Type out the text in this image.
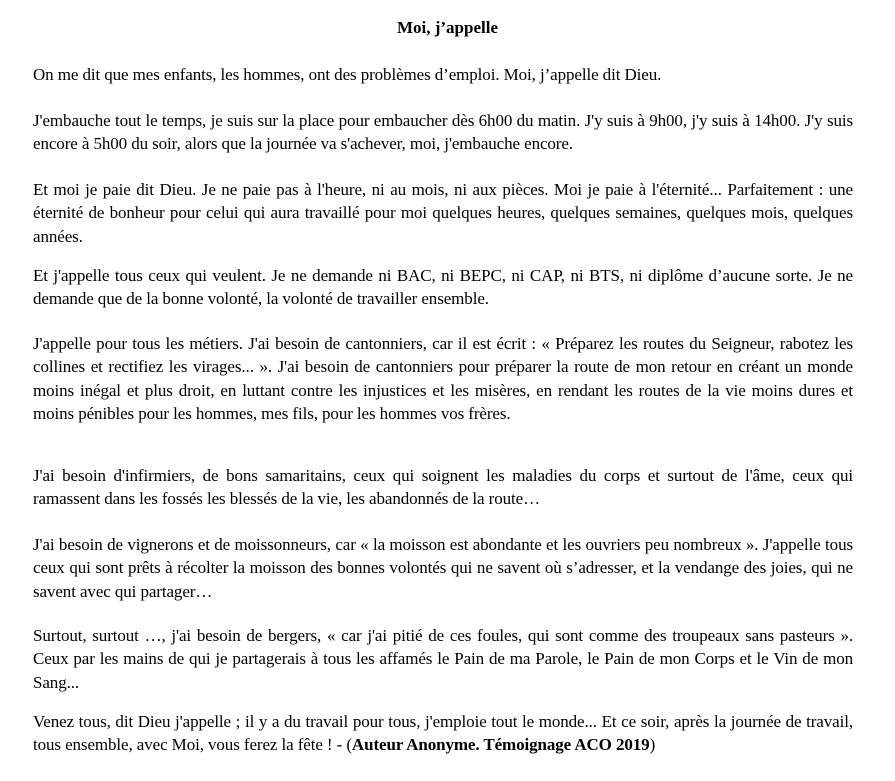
Moi, j’appelle

On me dit que mes enfants, les hommes, ont des problèmes d’emploi. Moi, j’appelle dit Dieu.

J'embauche tout le temps, je suis sur la place pour embaucher dès 6h00 du matin. J'y suis à 9h00, j'y suis à 14h00. J'y suis encore à 5h00 du soir, alors que la journée va s'achever, moi, j'embauche encore.

Et moi je paie dit Dieu. Je ne paie pas à l'heure, ni au mois, ni aux pièces. Moi je paie à l'éternité... Parfaitement : une éternité de bonheur pour celui qui aura travaillé pour moi quelques heures, quelques semaines, quelques mois, quelques années.

Et j'appelle tous ceux qui veulent. Je ne demande ni BAC, ni BEPC, ni CAP, ni BTS, ni diplôme d’aucune sorte. Je ne demande que de la bonne volonté, la volonté de travailler ensemble.

J'appelle pour tous les métiers. J'ai besoin de cantonniers, car il est écrit : « Préparez les routes du Seigneur, rabotez les collines et rectifiez les virages... ». J'ai besoin de cantonniers pour préparer la route de mon retour en créant un monde moins inégal et plus droit, en luttant contre les injustices et les misères, en rendant les routes de la vie moins dures et moins pénibles pour les hommes, mes fils, pour les hommes vos frères.

J'ai besoin d'infirmiers, de bons samaritains, ceux qui soignent les maladies du corps et surtout de l'âme, ceux qui ramassent dans les fossés les blessés de la vie, les abandonnés de la route…

J'ai besoin de vignerons et de moissonneurs, car « la moisson est abondante et les ouvriers peu nombreux ». J'appelle tous ceux qui sont prêts à récolter la moisson des bonnes volontés qui ne savent où s’adresser, et la vendange des joies, qui ne savent avec qui partager…

Surtout, surtout …, j'ai besoin de bergers, « car j'ai pitié de ces foules, qui sont comme des troupeaux sans pasteurs ». Ceux par les mains de qui je partagerais à tous les affamés le Pain de ma Parole, le Pain de mon Corps et le Vin de mon Sang...

Venez tous, dit Dieu j'appelle ; il y a du travail pour tous, j'emploie tout le monde... Et ce soir, après la journée de travail, tous ensemble, avec Moi, vous ferez la fête ! - (Auteur Anonyme. Témoignage ACO 2019)
